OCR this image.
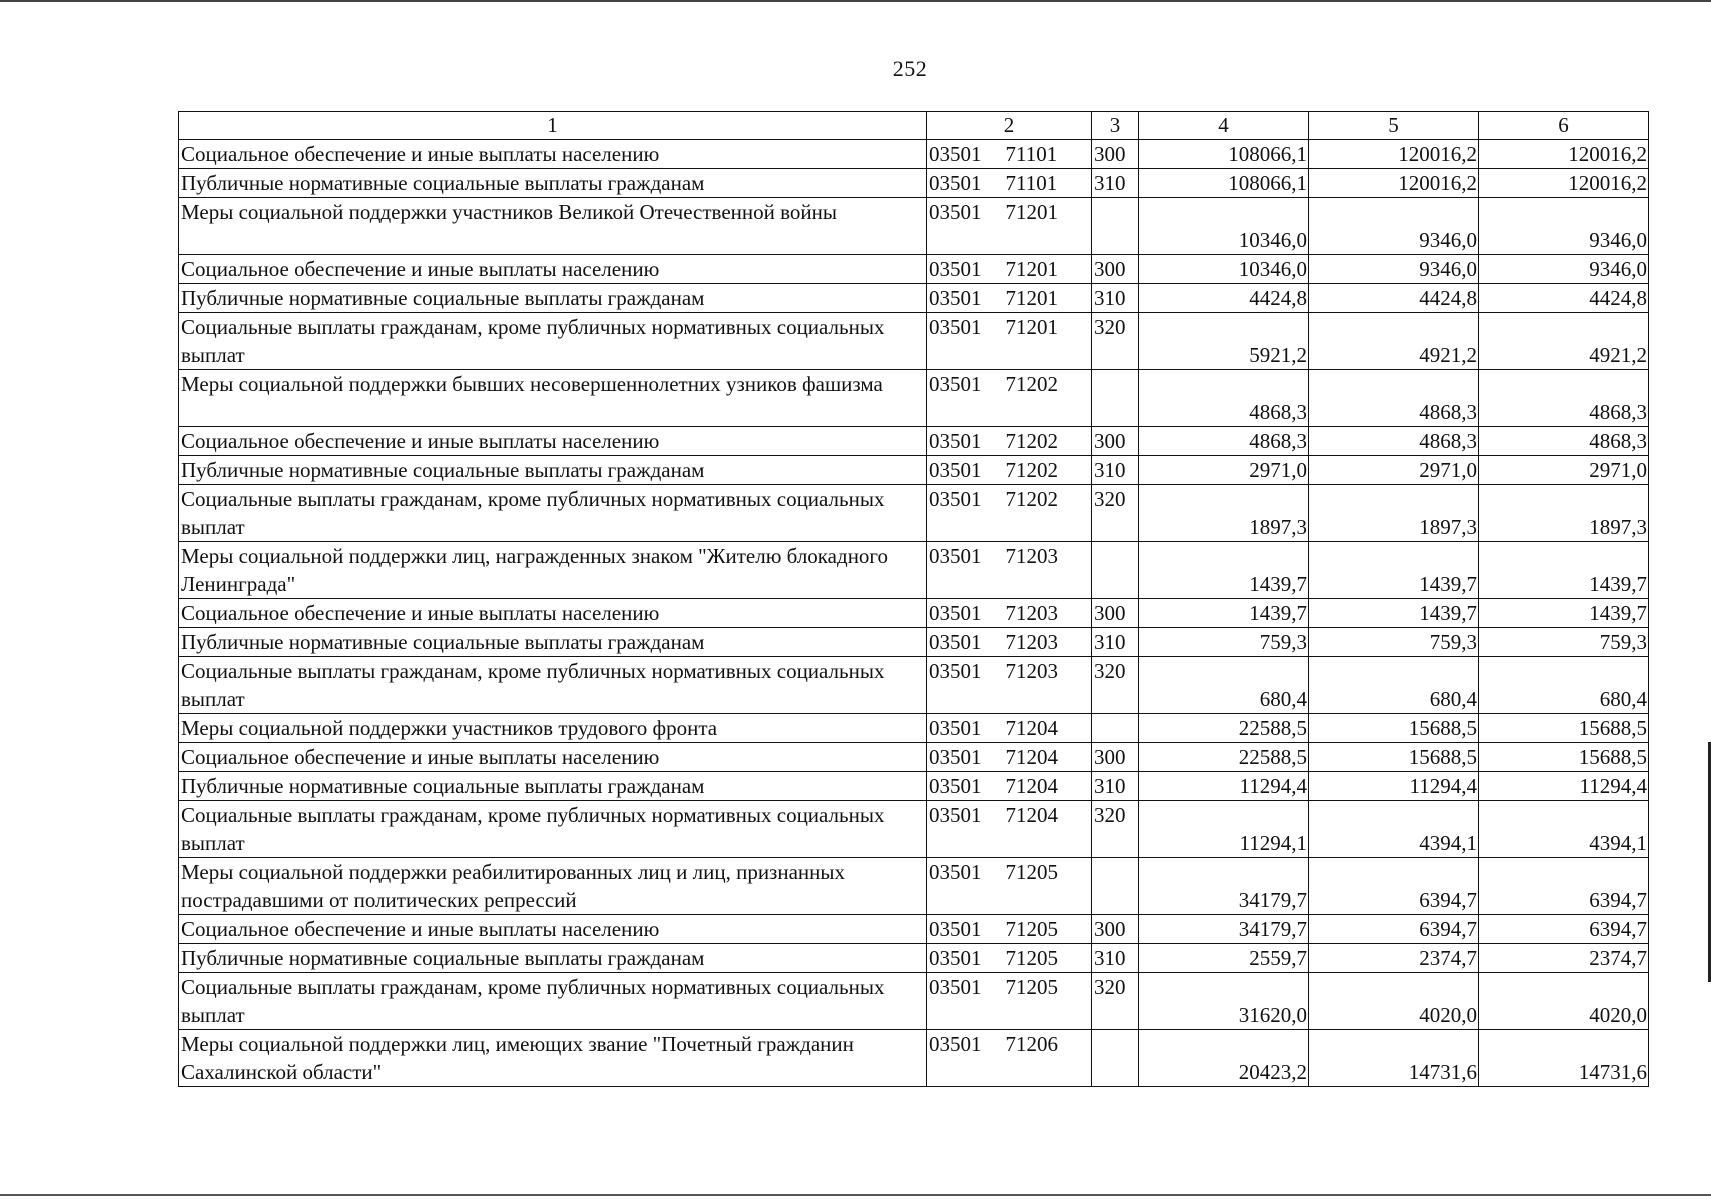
252
1	2	3	4	5	6
Социальное обеспечение и иные выплаты населению	03501 71101	300	108066,1	120016,2	120016,2
Публичные нормативные социальные выплаты гражданам	03501 71101	310	108066,1	120016,2	120016,2
Меры социальной поддержки участников Великой Отечественной войны	03501 71201		10346,0	9346,0	9346,0
Социальное обеспечение и иные выплаты населению	03501 71201	300	10346,0	9346,0	9346,0
Публичные нормативные социальные выплаты гражданам	03501 71201	310	4424,8	4424,8	4424,8
Социальные выплаты гражданам, кроме публичных нормативных социальных выплат	03501 71201	320	5921,2	4921,2	4921,2
Меры социальной поддержки бывших несовершеннолетних узников фашизма	03501 71202		4868,3	4868,3	4868,3
Социальное обеспечение и иные выплаты населению	03501 71202	300	4868,3	4868,3	4868,3
Публичные нормативные социальные выплаты гражданам	03501 71202	310	2971,0	2971,0	2971,0
Социальные выплаты гражданам, кроме публичных нормативных социальных выплат	03501 71202	320	1897,3	1897,3	1897,3
Меры социальной поддержки лиц, награжденных знаком "Жителю блокадного Ленинграда"	03501 71203		1439,7	1439,7	1439,7
Социальное обеспечение и иные выплаты населению	03501 71203	300	1439,7	1439,7	1439,7
Публичные нормативные социальные выплаты гражданам	03501 71203	310	759,3	759,3	759,3
Социальные выплаты гражданам, кроме публичных нормативных социальных выплат	03501 71203	320	680,4	680,4	680,4
Меры социальной поддержки участников трудового фронта	03501 71204		22588,5	15688,5	15688,5
Социальное обеспечение и иные выплаты населению	03501 71204	300	22588,5	15688,5	15688,5
Публичные нормативные социальные выплаты гражданам	03501 71204	310	11294,4	11294,4	11294,4
Социальные выплаты гражданам, кроме публичных нормативных социальных выплат	03501 71204	320	11294,1	4394,1	4394,1
Меры социальной поддержки реабилитированных лиц и лиц, признанных пострадавшими от политических репрессий	03501 71205		34179,7	6394,7	6394,7
Социальное обеспечение и иные выплаты населению	03501 71205	300	34179,7	6394,7	6394,7
Публичные нормативные социальные выплаты гражданам	03501 71205	310	2559,7	2374,7	2374,7
Социальные выплаты гражданам, кроме публичных нормативных социальных выплат	03501 71205	320	31620,0	4020,0	4020,0
Меры социальной поддержки лиц, имеющих звание "Почетный гражданин Сахалинской области"	03501 71206		20423,2	14731,6	14731,6
